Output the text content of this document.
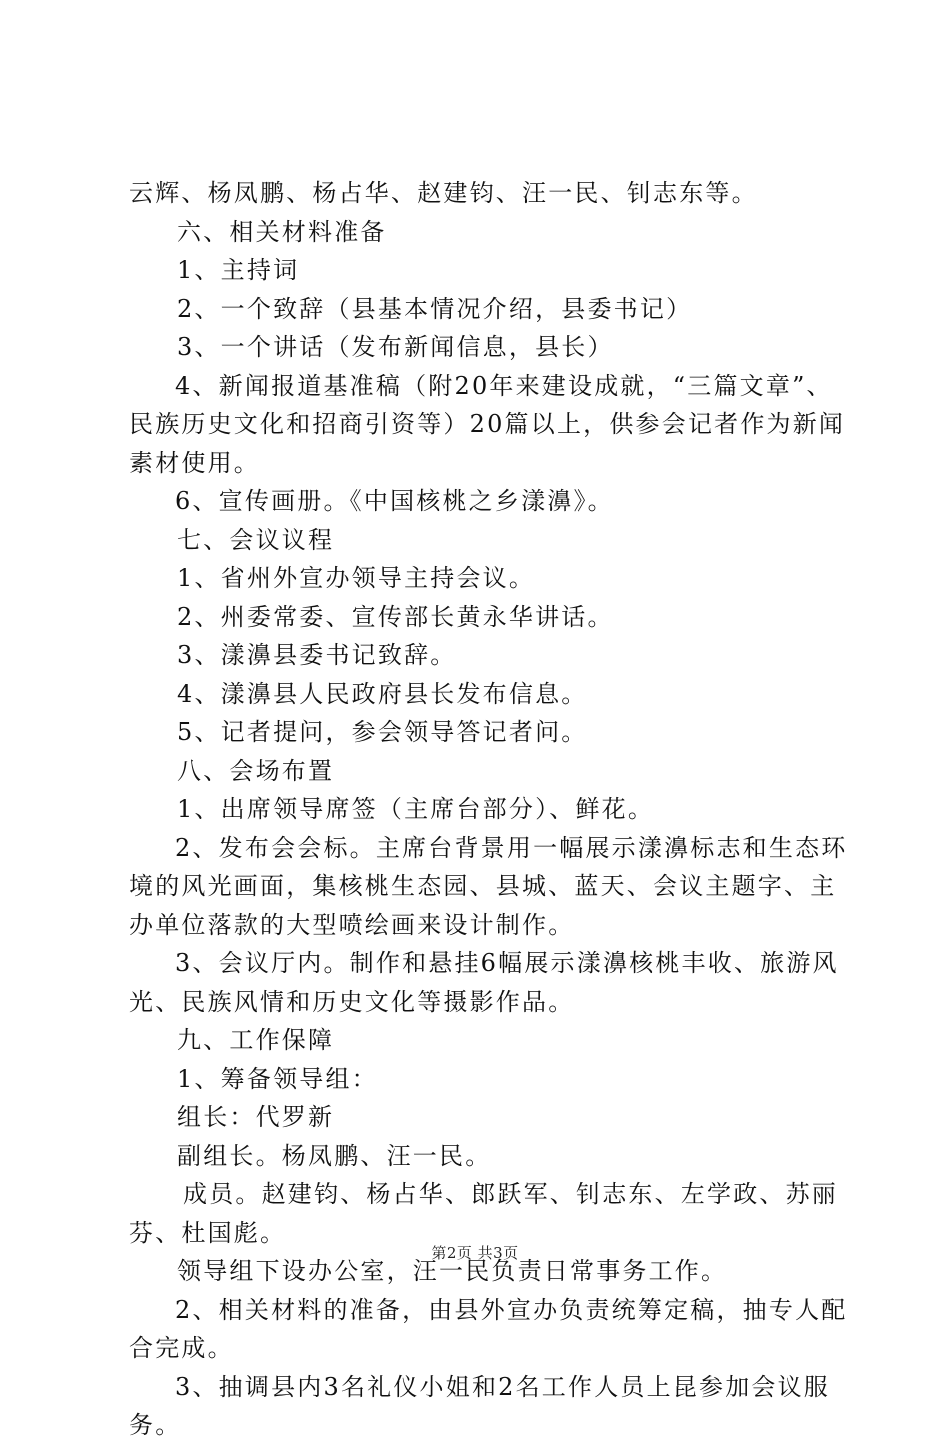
云辉、杨凤鹏、杨占华、赵建钧、汪一民、钊志东等。
六、相关材料准备
1、主持词
2、一个致辞（县基本情况介绍，县委书记）
3、一个讲话（发布新闻信息，县长）
4、新闻报道基准稿（附20年来建设成就，“三篇文章”、
民族历史文化和招商引资等）20篇以上，供参会记者作为新闻
素材使用。
6、宣传画册。《中国核桃之乡漾濞》。
七、会议议程
1、省州外宣办领导主持会议。
2、州委常委、宣传部长黄永华讲话。
3、漾濞县委书记致辞。
4、漾濞县人民政府县长发布信息。
5、记者提问，参会领导答记者问。
八、会场布置
1、出席领导席签（主席台部分）、鲜花。
2、发布会会标。主席台背景用一幅展示漾濞标志和生态环
境的风光画面，集核桃生态园、县城、蓝天、会议主题字、主
办单位落款的大型喷绘画来设计制作。
3、会议厅内。制作和悬挂6幅展示漾濞核桃丰收、旅游风
光、民族风情和历史文化等摄影作品。
九、工作保障
1、筹备领导组：
组长：代罗新
副组长。杨凤鹏、汪一民。
成员。赵建钧、杨占华、郎跃军、钊志东、左学政、苏丽
芬、杜国彪。
领导组下设办公室，汪一民负责日常事务工作。
2、相关材料的准备，由县外宣办负责统筹定稿，抽专人配
合完成。
3、抽调县内3名礼仪小姐和2名工作人员上昆参加会议服
务。
第2页 共3页
